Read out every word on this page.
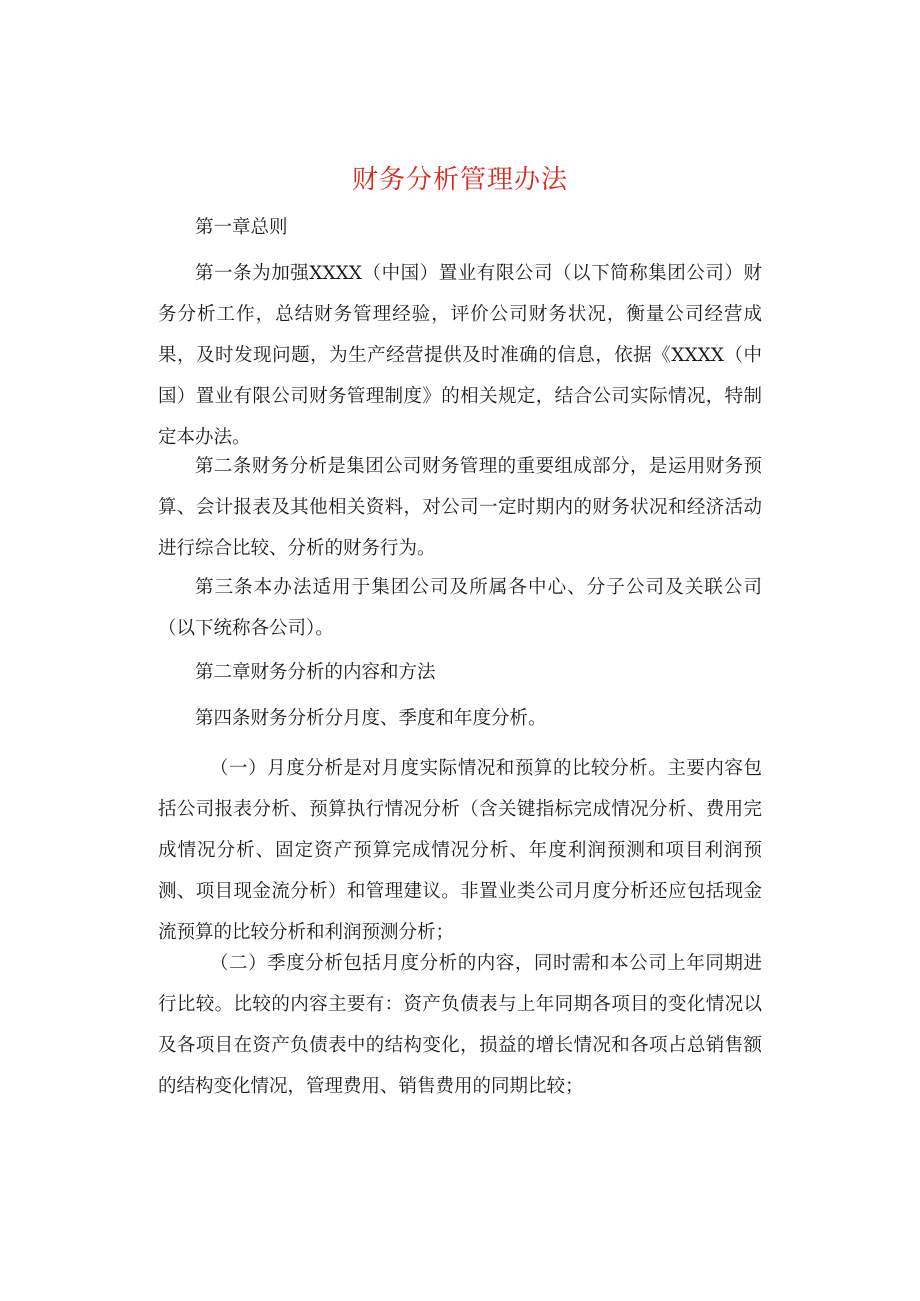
财务分析管理办法
第一章总则
第一条为加强XXXX（中国）置业有限公司（以下简称集团公司）财务分析工作，总结财务管理经验，评价公司财务状况，衡量公司经营成果，及时发现问题，为生产经营提供及时准确的信息，依据《XXXX（中国）置业有限公司财务管理制度》的相关规定，结合公司实际情况，特制定本办法。
第二条财务分析是集团公司财务管理的重要组成部分，是运用财务预算、会计报表及其他相关资料，对公司一定时期内的财务状况和经济活动进行综合比较、分析的财务行为。
第三条本办法适用于集团公司及所属各中心、分子公司及关联公司（以下统称各公司）。
第二章财务分析的内容和方法
第四条财务分析分月度、季度和年度分析。
（一）月度分析是对月度实际情况和预算的比较分析。主要内容包括公司报表分析、预算执行情况分析（含关键指标完成情况分析、费用完成情况分析、固定资产预算完成情况分析、年度利润预测和项目利润预测、项目现金流分析）和管理建议。非置业类公司月度分析还应包括现金流预算的比较分析和利润预测分析；
（二）季度分析包括月度分析的内容，同时需和本公司上年同期进行比较。比较的内容主要有：资产负债表与上年同期各项目的变化情况以及各项目在资产负债表中的结构变化，损益的增长情况和各项占总销售额的结构变化情况，管理费用、销售费用的同期比较；
